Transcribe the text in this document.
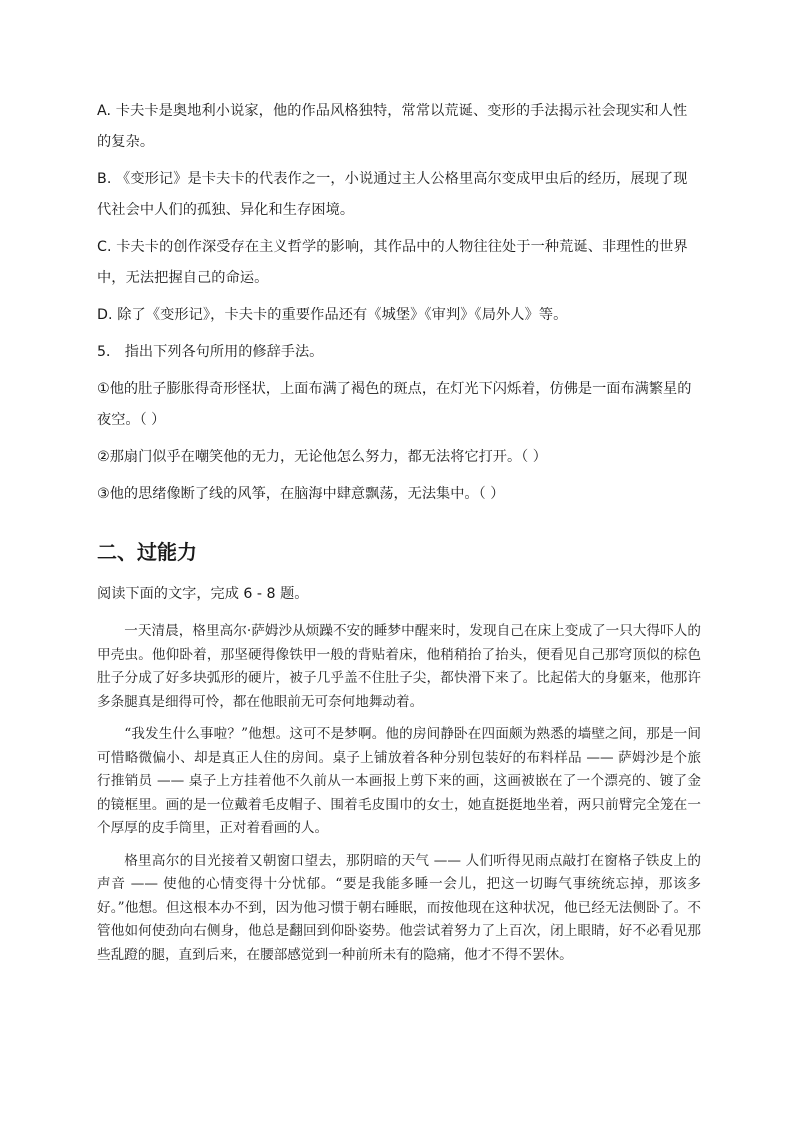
A. 卡夫卡是奥地利小说家，他的作品风格独特，常常以荒诞、变形的手法揭示社会现实和人性的复杂。

B. 《变形记》是卡夫卡的代表作之一，小说通过主人公格里高尔变成甲虫后的经历，展现了现代社会中人们的孤独、异化和生存困境。

C. 卡夫卡的创作深受存在主义哲学的影响，其作品中的人物往往处于一种荒诞、非理性的世界中，无法把握自己的命运。

D. 除了《变形记》，卡夫卡的重要作品还有《城堡》《审判》《局外人》等。

5． 指出下列各句所用的修辞手法。

①他的肚子膨胀得奇形怪状，上面布满了褐色的斑点，在灯光下闪烁着，仿佛是一面布满繁星的夜空。（ ）

②那扇门似乎在嘲笑他的无力，无论他怎么努力，都无法将它打开。（ ）

③他的思绪像断了线的风筝，在脑海中肆意飘荡，无法集中。（ ）

二、过能力

阅读下面的文字，完成 6 - 8 题。

一天清晨，格里高尔·萨姆沙从烦躁不安的睡梦中醒来时，发现自己在床上变成了一只大得吓人的甲壳虫。他仰卧着，那坚硬得像铁甲一般的背贴着床，他稍稍抬了抬头，便看见自己那穹顶似的棕色肚子分成了好多块弧形的硬片，被子几乎盖不住肚子尖，都快滑下来了。比起偌大的身躯来，他那许多条腿真是细得可怜，都在他眼前无可奈何地舞动着。

“我发生什么事啦？”他想。这可不是梦啊。他的房间静卧在四面颇为熟悉的墙壁之间，那是一间可惜略微偏小、却是真正人住的房间。桌子上铺放着各种分别包装好的布料样品 —— 萨姆沙是个旅行推销员 —— 桌子上方挂着他不久前从一本画报上剪下来的画，这画被嵌在了一个漂亮的、镀了金的镜框里。画的是一位戴着毛皮帽子、围着毛皮围巾的女士，她直挺挺地坐着，两只前臂完全笼在一个厚厚的皮手筒里，正对着看画的人。

格里高尔的目光接着又朝窗口望去，那阴暗的天气 —— 人们听得见雨点敲打在窗格子铁皮上的声音 —— 使他的心情变得十分忧郁。“要是我能多睡一会儿，把这一切晦气事统统忘掉，那该多好。”他想。但这根本办不到，因为他习惯于朝右睡眠，而按他现在这种状况，他已经无法侧卧了。不管他如何使劲向右侧身，他总是翻回到仰卧姿势。他尝试着努力了上百次，闭上眼睛，好不必看见那些乱蹬的腿，直到后来，在腰部感觉到一种前所未有的隐痛，他才不得不罢休。
